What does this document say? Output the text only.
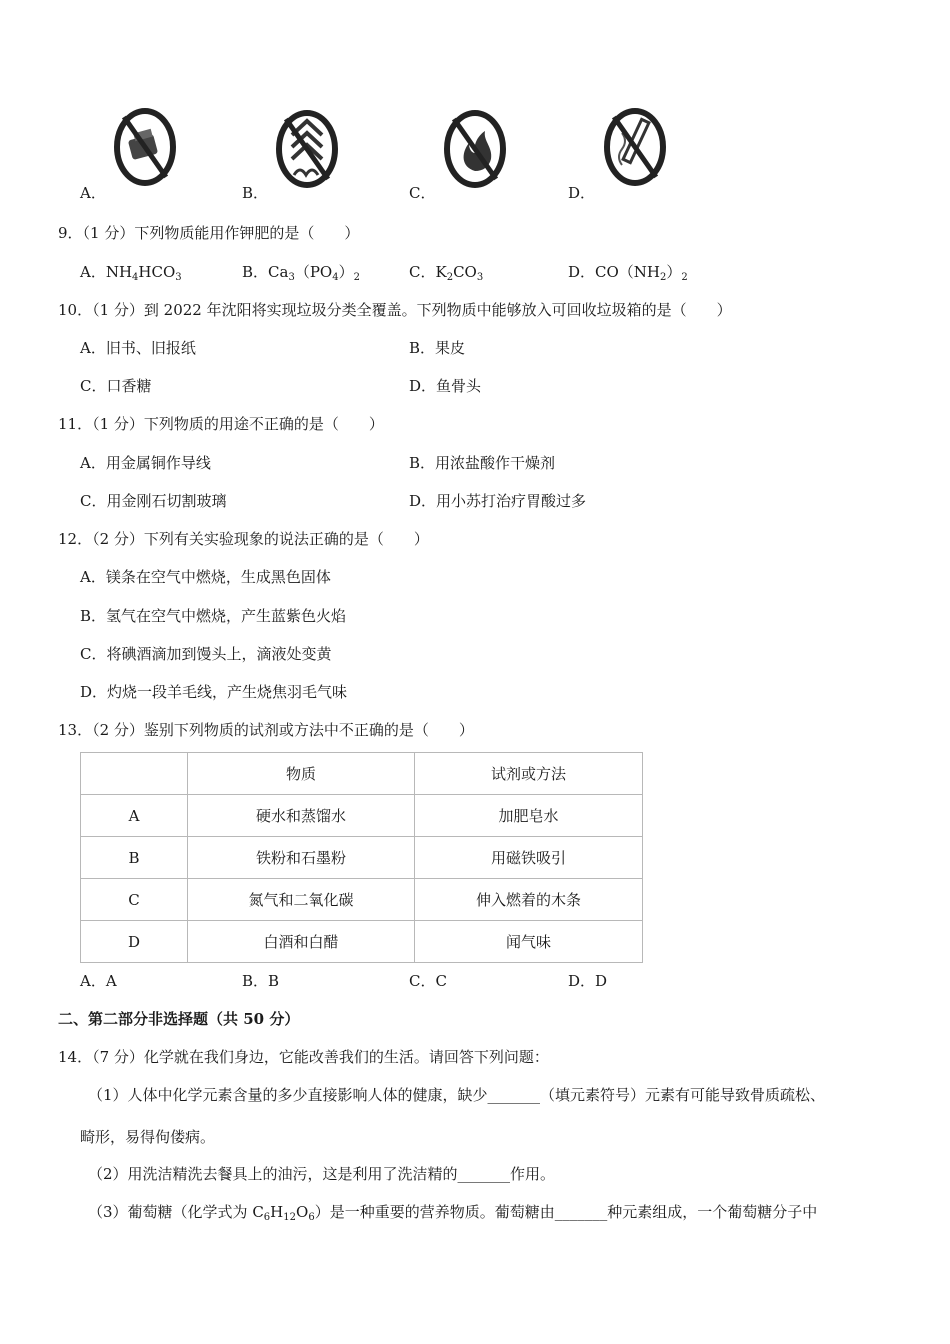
A．	B．	C．	D．
9．（1 分）下列物质能用作钾肥的是（　　）
A．$NH_4HCO_3$	B．$Ca_3(PO_4)_2$	C．$K_2CO_3$	D．$CO(NH_2)_2$
10．（1 分）到 2022 年沈阳将实现垃圾分类全覆盖。下列物质中能够放入可回收垃圾箱的是（　　）
A．旧书、旧报纸	B．果皮
C．口香糖	D．鱼骨头
11．（1 分）下列物质的用途不正确的是（　　）
A．用金属铜作导线	B．用浓盐酸作干燥剂
C．用金刚石切割玻璃	D．用小苏打治疗胃酸过多
12．（2 分）下列有关实验现象的说法正确的是（　　）
A．镁条在空气中燃烧，生成黑色固体
B．氢气在空气中燃烧，产生蓝紫色火焰
C．将碘酒滴加到馒头上，滴液处变黄
D．灼烧一段羊毛线，产生烧焦羽毛气味
13．（2 分）鉴别下列物质的试剂或方法中不正确的是（　　）
	物质	试剂或方法
A	硬水和蒸馏水	加肥皂水
B	铁粉和石墨粉	用磁铁吸引
C	氮气和二氧化碳	伸入燃着的木条
D	白酒和白醋	闻气味
A．A	B．B	C．C	D．D
二、第二部分非选择题（共 50 分）
14．（7 分）化学就在我们身边，它能改善我们的生活。请回答下列问题：
（1）人体中化学元素含量的多少直接影响人体的健康，缺少_______（填元素符号）元素有可能导致骨质疏松、
畸形，易得佝偻病。
（2）用洗洁精洗去餐具上的油污，这是利用了洗洁精的_______作用。
（3）葡萄糖（化学式为 $C_6H_{12}O_6$）是一种重要的营养物质。葡萄糖由_______种元素组成，一个葡萄糖分子中
